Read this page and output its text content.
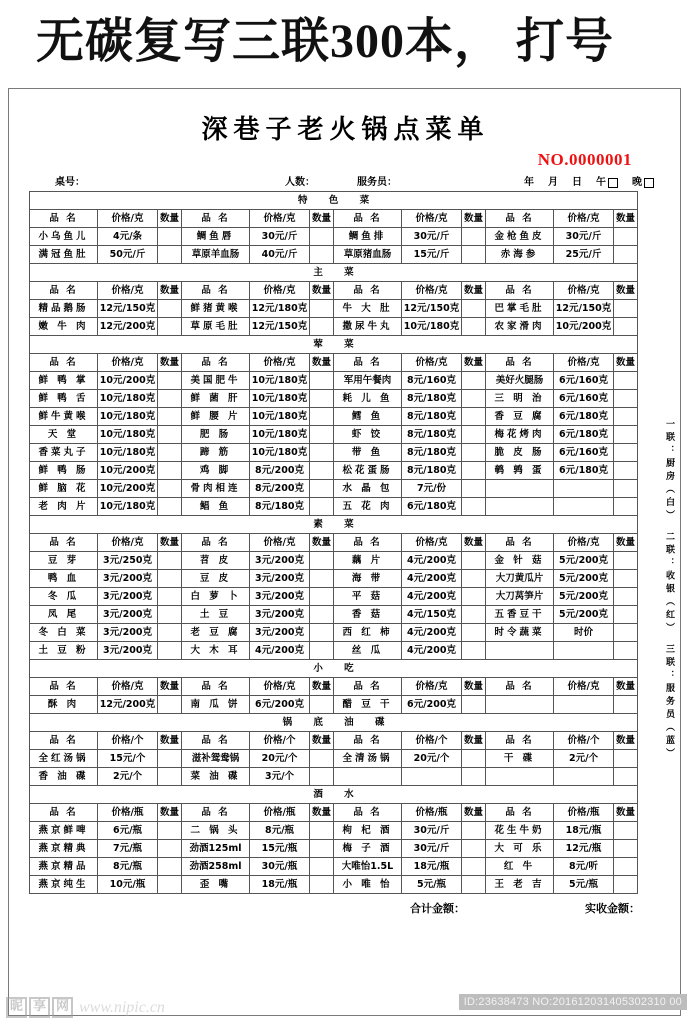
无碳复写三联300本， 打号
深巷子老火锅点菜单
NO.0000001
桌号：	人数：	服务员：	年 月 日 午	晚
特 色 菜											
品 名	价格/克	数量	品 名	价格/克	数量	品 名	价格/克	数量	品 名	价格/克	数量
小乌鱼儿	4元/条		鲷鱼唇	30元/斤		鲷鱼排	30元/斤		金枪鱼皮	30元/斤	
满冠鱼肚	50元/斤		草原羊血肠	40元/斤		草原猪血肠	15元/斤		赤海参	25元/斤	
主 菜											
品 名	价格/克	数量	品 名	价格/克	数量	品 名	价格/克	数量	品 名	价格/克	数量
精品鹅肠	12元/150克		鲜猪黄喉	12元/180克		牛 大 肚	12元/150克		巴掌毛肚	12元/150克	
嫩 牛 肉	12元/200克		草原毛肚	12元/150克		撒尿牛丸	10元/180克		农家滑肉	10元/200克	
荤 菜											
品 名	价格/克	数量	品 名	价格/克	数量	品 名	价格/克	数量	品 名	价格/克	数量
鲜 鸭 掌	10元/200克		美国肥牛	10元/180克		军用午餐肉	8元/160克		美好火腿肠	6元/160克	
鲜 鸭 舌	10元/180克		鲜 菌 肝	10元/180克		耗 儿 鱼	8元/180克		三 明 治	6元/160克	
鲜牛黄喉	10元/180克		鲜 腰 片	10元/180克		鳕 鱼	8元/180克		香 豆 腐	6元/180克	
天 堂	10元/180克		肥 肠	10元/180克		虾 饺	8元/180克		梅花烤肉	6元/180克	
香菜丸子	10元/180克		蹄 筋	10元/180克		带 鱼	8元/180克		脆 皮 肠	6元/160克	
鲜 鸭 肠	10元/200克		鸡 脚	8元/200克		松花蛋肠	8元/180克		鹌 鹑 蛋	6元/180克	
鲜 脑 花	10元/200克		骨肉相连	8元/200克		水 晶 包	7元/份				
老 肉 片	10元/180克		鲳 鱼	8元/180克		五 花 肉	6元/180克				
素 菜											
品 名	价格/克	数量	品 名	价格/克	数量	品 名	价格/克	数量	品 名	价格/克	数量
豆 芽	3元/250克		苕 皮	3元/200克		藕 片	4元/200克		金 针 菇	5元/200克	
鸭 血	3元/200克		豆 皮	3元/200克		海 带	4元/200克		大刀黄瓜片	5元/200克	
冬 瓜	3元/200克		白 萝 卜	3元/200克		平 菇	4元/200克		大刀莴笋片	5元/200克	
凤 尾	3元/200克		土 豆	3元/200克		香 菇	4元/150克		五香豆干	5元/200克	
冬 白 菜	3元/200克		老 豆 腐	3元/200克		西 红 柿	4元/200克		时令蔬菜	时价	
土 豆 粉	3元/200克		大 木 耳	4元/200克		丝 瓜	4元/200克				
小 吃											
品 名	价格/克	数量	品 名	价格/克	数量	品 名	价格/克	数量	品 名	价格/克	数量
酥 肉	12元/200克		南 瓜 饼	6元/200克		醋 豆 干	6元/200克				
锅 底 油 碟											
品 名	价格/个	数量	品 名	价格/个	数量	品 名	价格/个	数量	品 名	价格/个	数量
全红汤锅	15元/个		滋补鸳鸯锅	20元/个		全清汤锅	20元/个		干 碟	2元/个	
香 油 碟	2元/个		菜 油 碟	3元/个							
酒 水											
品 名	价格/瓶	数量	品 名	价格/瓶	数量	品 名	价格/瓶	数量	品 名	价格/瓶	数量
燕京鲜啤	6元/瓶		二 锅 头	8元/瓶		枸 杞 酒	30元/斤		花生牛奶	18元/瓶	
燕京精典	7元/瓶		劲酒125ml	15元/瓶		梅 子 酒	30元/斤		大 可 乐	12元/瓶	
燕京精品	8元/瓶		劲酒258ml	30元/瓶		大唯怡1.5L	18元/瓶		红 牛	8元/听	
燕京纯生	10元/瓶		歪 嘴	18元/瓶		小 唯 怡	5元/瓶		王 老 吉	5元/瓶	
合计金额：	实收金额：
一联：厨房（白）　二联：收银（红）　三联：服务员（蓝）
昵 享 网 www.nipic.cn	ID:23638473 NO:201612031405302310 00
